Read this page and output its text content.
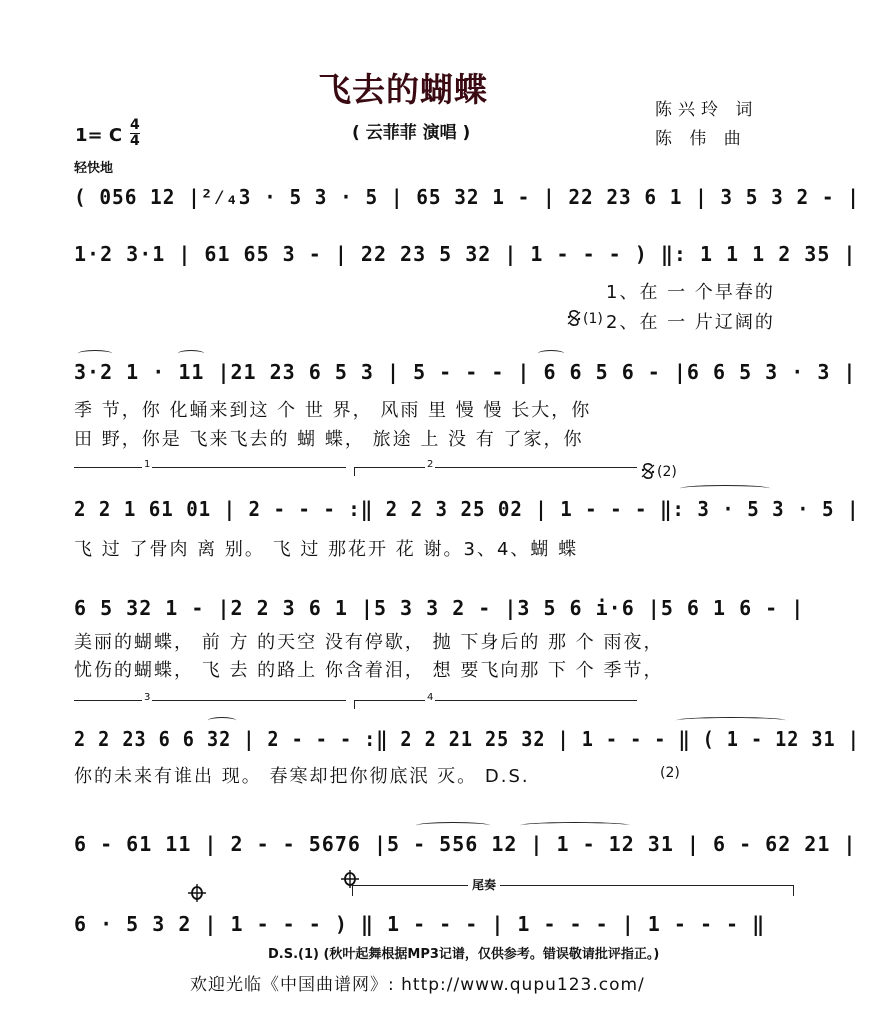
飞去的蝴蝶
( 云菲菲 演唱 )
陈兴玲 词
陈 伟 曲
1= C 4
4
轻快地
( 056 12 |²⁄₄3 · 5 3 · 5 | 65 32 1 - | 22 23 6 1 | 3 5 3 2 - |
1·2 3·1 | 61 65 3 - | 22 23 5 32 | 1 - - - ) ‖: 1 1 1 2 35 |
1、在 一 个早春的
(1) 2、在 一 片辽阔的
3·2 1 · 11 |21 23 6 5 3 | 5 - - - | 6 6 5 6 - |6 6 5 3 · 3 |
季 节，你 化蛹来到这 个 世 界， 风雨 里 慢 慢 长大，你
田 野，你是 飞来飞去的 蝴 蝶， 旅途 上 没 有 了家，你
1	2	(2)
2 2 1 61 01 | 2 - - - :‖ 2 2 3 25 02 | 1 - - - ‖: 3 · 5 3 · 5 |
飞 过 了骨肉 离 别。 飞 过 那花开 花 谢。3、4、蝴 蝶
6 5 32 1 - |2 2 3 6 1 |5 3 3 2 - |3 5 6 i·6 |5 6 1 6 - |
美丽的蝴蝶， 前 方 的天空 没有停歇， 抛 下身后的 那 个 雨夜，
忧伤的蝴蝶， 飞 去 的路上 你含着泪， 想 要飞向那 下 个 季节，
3	4
2 2 23 6 6 32 | 2 - - - :‖ 2 2 21 25 32 | 1 - - - ‖ ( 1 - 12 31 |
你的未来有谁出 现。 春寒却把你彻底泯 灭。 D.S.	(2)
6 - 61 11 | 2 - - 5676 |5 - 556 12 | 1 - 12 31 | 6 - 62 21 |
尾奏
6 · 5 3 2 | 1 - - - ) ‖ 1 - - - | 1 - - - | 1 - - - ‖
D.S.(1) (秋叶起舞根据MP3记谱，仅供参考。错误敬请批评指正。)
欢迎光临《中国曲谱网》: http://www.qupu123.com/
